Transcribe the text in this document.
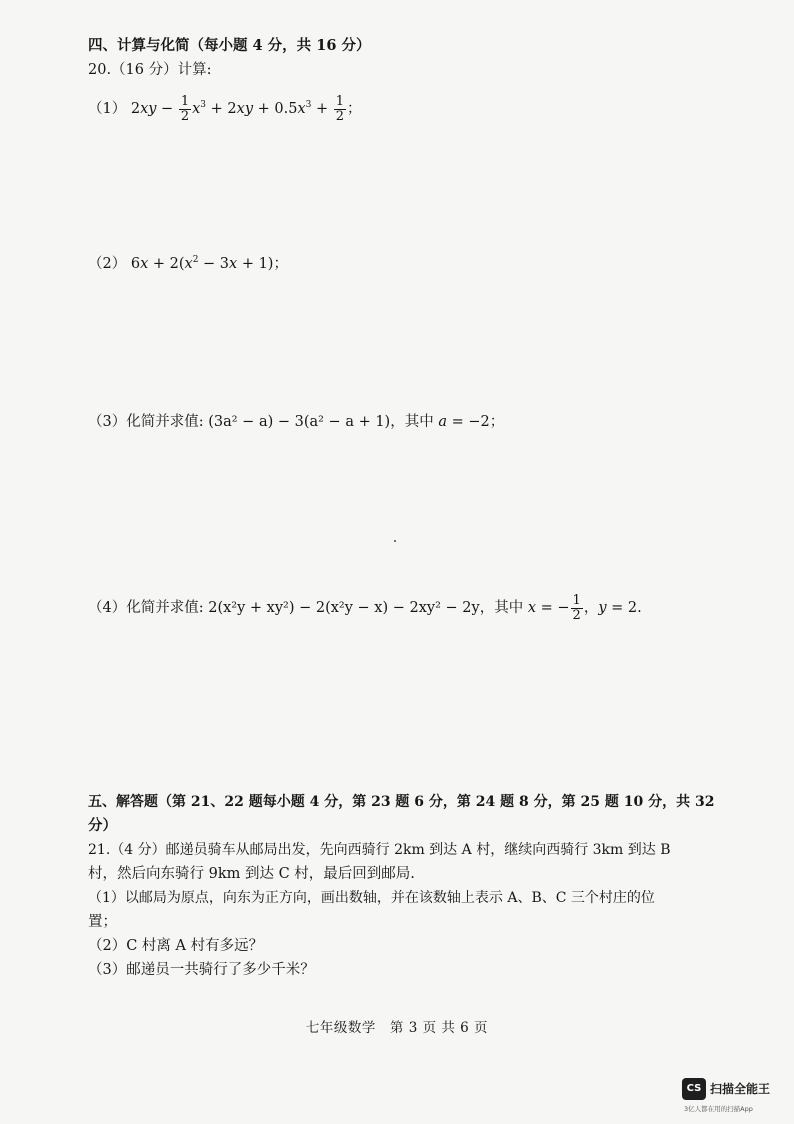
四、计算与化简（每小题 4 分，共 16 分）
20.（16 分）计算:
（1） $2xy - \frac{1}{2} x^3 + 2xy + 0.5x^3 + \frac{1}{2}$ ；
（2） $6x + 2(x^2 - 3x + 1)$；
（3）化简并求值: (3a² − a) − 3(a² − a + 1)，其中 a = −2；
（4）化简并求值: 2(x²y + xy²) − 2(x²y − x) − 2xy² − 2y，其中 x = − $\frac{1}{2}$ ，y = 2.
五、解答题（第 21、22 题每小题 4 分，第 23 题 6 分，第 24 题 8 分，第 25 题 10 分，共 32
分）
21.（4 分）邮递员骑车从邮局出发，先向西骑行 2km 到达 A 村，继续向西骑行 3km 到达 B
村，然后向东骑行 9km 到达 C 村，最后回到邮局.
（1）以邮局为原点，向东为正方向，画出数轴，并在该数轴上表示 A、B、C 三个村庄的位
置；
（2）C 村离 A 村有多远？
（3）邮递员一共骑行了多少千米？
七年级数学　第 3 页 共 6 页
CS 扫描全能王
3亿人都在用的扫描App
